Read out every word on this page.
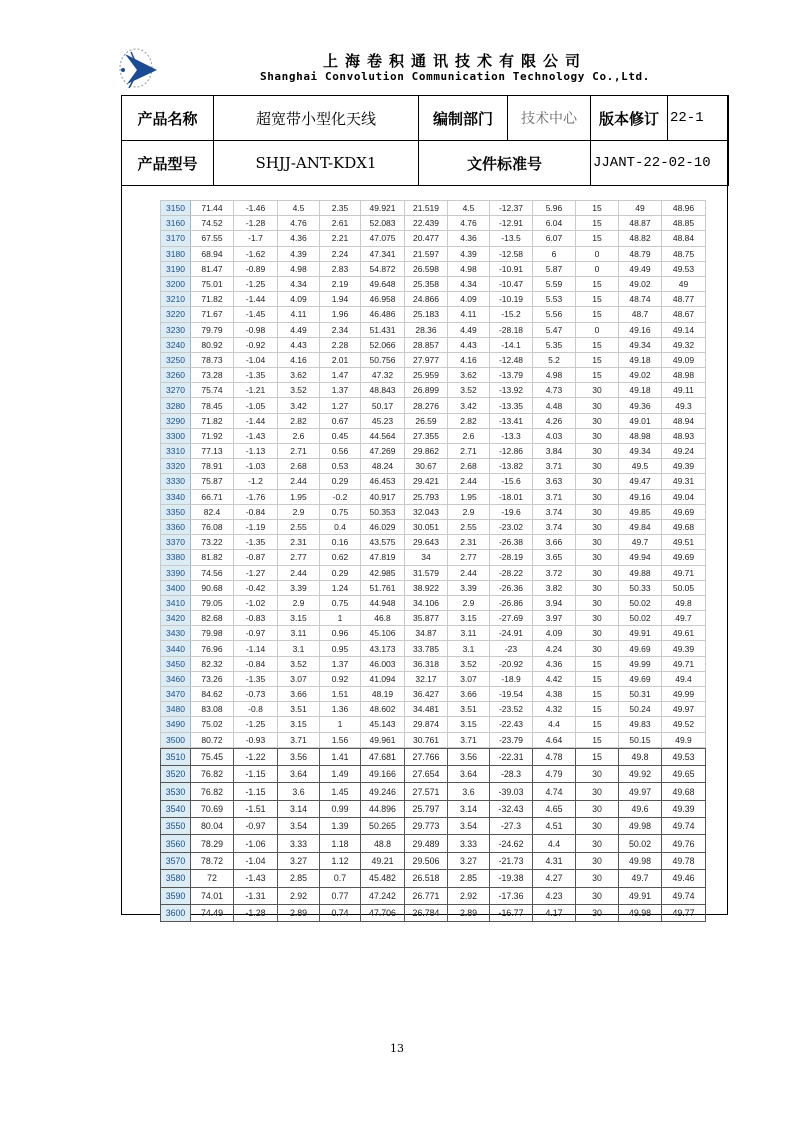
上海卷积通讯技术有限公司
Shanghai Convolution Communication Technology Co.,Ltd.
产品名称	超宽带小型化天线	编制部门	技术中心	版本修订	22-1
产品型号	SHJJ-ANT-KDX1	文件标准号		JJANT-22-02-10	
3150	71.44	-1.46	4.5	2.35	49.921	21.519	4.5	-12.37	5.96	15	49	48.96
3160	74.52	-1.28	4.76	2.61	52.083	22.439	4.76	-12.91	6.04	15	48.87	48.85
3170	67.55	-1.7	4.36	2.21	47.075	20.477	4.36	-13.5	6.07	15	48.82	48.84
3180	68.94	-1.62	4.39	2.24	47.341	21.597	4.39	-12.58	6	0	48.79	48.75
3190	81.47	-0.89	4.98	2.83	54.872	26.598	4.98	-10.91	5.87	0	49.49	49.53
3200	75.01	-1.25	4.34	2.19	49.648	25.358	4.34	-10.47	5.59	15	49.02	49
3210	71.82	-1.44	4.09	1.94	46.958	24.866	4.09	-10.19	5.53	15	48.74	48.77
3220	71.67	-1.45	4.11	1.96	46.486	25.183	4.11	-15.2	5.56	15	48.7	48.67
3230	79.79	-0.98	4.49	2.34	51.431	28.36	4.49	-28.18	5.47	0	49.16	49.14
3240	80.92	-0.92	4.43	2.28	52.066	28.857	4.43	-14.1	5.35	15	49.34	49.32
3250	78.73	-1.04	4.16	2.01	50.756	27.977	4.16	-12.48	5.2	15	49.18	49.09
3260	73.28	-1.35	3.62	1.47	47.32	25.959	3.62	-13.79	4.98	15	49.02	48.98
3270	75.74	-1.21	3.52	1.37	48.843	26.899	3.52	-13.92	4.73	30	49.18	49.11
3280	78.45	-1.05	3.42	1.27	50.17	28.276	3.42	-13.35	4.48	30	49.36	49.3
3290	71.82	-1.44	2.82	0.67	45.23	26.59	2.82	-13.41	4.26	30	49.01	48.94
3300	71.92	-1.43	2.6	0.45	44.564	27.355	2.6	-13.3	4.03	30	48.98	48.93
3310	77.13	-1.13	2.71	0.56	47.269	29.862	2.71	-12.86	3.84	30	49.34	49.24
3320	78.91	-1.03	2.68	0.53	48.24	30.67	2.68	-13.82	3.71	30	49.5	49.39
3330	75.87	-1.2	2.44	0.29	46.453	29.421	2.44	-15.6	3.63	30	49.47	49.31
3340	66.71	-1.76	1.95	-0.2	40.917	25.793	1.95	-18.01	3.71	30	49.16	49.04
3350	82.4	-0.84	2.9	0.75	50.353	32.043	2.9	-19.6	3.74	30	49.85	49.69
3360	76.08	-1.19	2.55	0.4	46.029	30.051	2.55	-23.02	3.74	30	49.84	49.68
3370	73.22	-1.35	2.31	0.16	43.575	29.643	2.31	-26.38	3.66	30	49.7	49.51
3380	81.82	-0.87	2.77	0.62	47.819	34	2.77	-28.19	3.65	30	49.94	49.69
3390	74.56	-1.27	2.44	0.29	42.985	31.579	2.44	-28.22	3.72	30	49.88	49.71
3400	90.68	-0.42	3.39	1.24	51.761	38.922	3.39	-26.36	3.82	30	50.33	50.05
3410	79.05	-1.02	2.9	0.75	44.948	34.106	2.9	-26.86	3.94	30	50.02	49.8
3420	82.68	-0.83	3.15	1	46.8	35.877	3.15	-27.69	3.97	30	50.02	49.7
3430	79.98	-0.97	3.11	0.96	45.106	34.87	3.11	-24.91	4.09	30	49.91	49.61
3440	76.96	-1.14	3.1	0.95	43.173	33.785	3.1	-23	4.24	30	49.69	49.39
3450	82.32	-0.84	3.52	1.37	46.003	36.318	3.52	-20.92	4.36	15	49.99	49.71
3460	73.26	-1.35	3.07	0.92	41.094	32.17	3.07	-18.9	4.42	15	49.69	49.4
3470	84.62	-0.73	3.66	1.51	48.19	36.427	3.66	-19.54	4.38	15	50.31	49.99
3480	83.08	-0.8	3.51	1.36	48.602	34.481	3.51	-23.52	4.32	15	50.24	49.97
3490	75.02	-1.25	3.15	1	45.143	29.874	3.15	-22.43	4.4	15	49.83	49.52
3500	80.72	-0.93	3.71	1.56	49.961	30.761	3.71	-23.79	4.64	15	50.15	49.9
3510	75.45	-1.22	3.56	1.41	47.681	27.766	3.56	-22.31	4.78	15	49.8	49.53
3520	76.82	-1.15	3.64	1.49	49.166	27.654	3.64	-28.3	4.79	30	49.92	49.65
3530	76.82	-1.15	3.6	1.45	49.246	27.571	3.6	-39.03	4.74	30	49.97	49.68
3540	70.69	-1.51	3.14	0.99	44.896	25.797	3.14	-32.43	4.65	30	49.6	49.39
3550	80.04	-0.97	3.54	1.39	50.265	29.773	3.54	-27.3	4.51	30	49.98	49.74
3560	78.29	-1.06	3.33	1.18	48.8	29.489	3.33	-24.62	4.4	30	50.02	49.76
3570	78.72	-1.04	3.27	1.12	49.21	29.506	3.27	-21.73	4.31	30	49.98	49.78
3580	72	-1.43	2.85	0.7	45.482	26.518	2.85	-19.38	4.27	30	49.7	49.46
3590	74.01	-1.31	2.92	0.77	47.242	26.771	2.92	-17.36	4.23	30	49.91	49.74
3600	74.49	-1.28	2.89	0.74	47.706	26.784	2.89	-16.77	4.17	30	49.98	49.77
13
